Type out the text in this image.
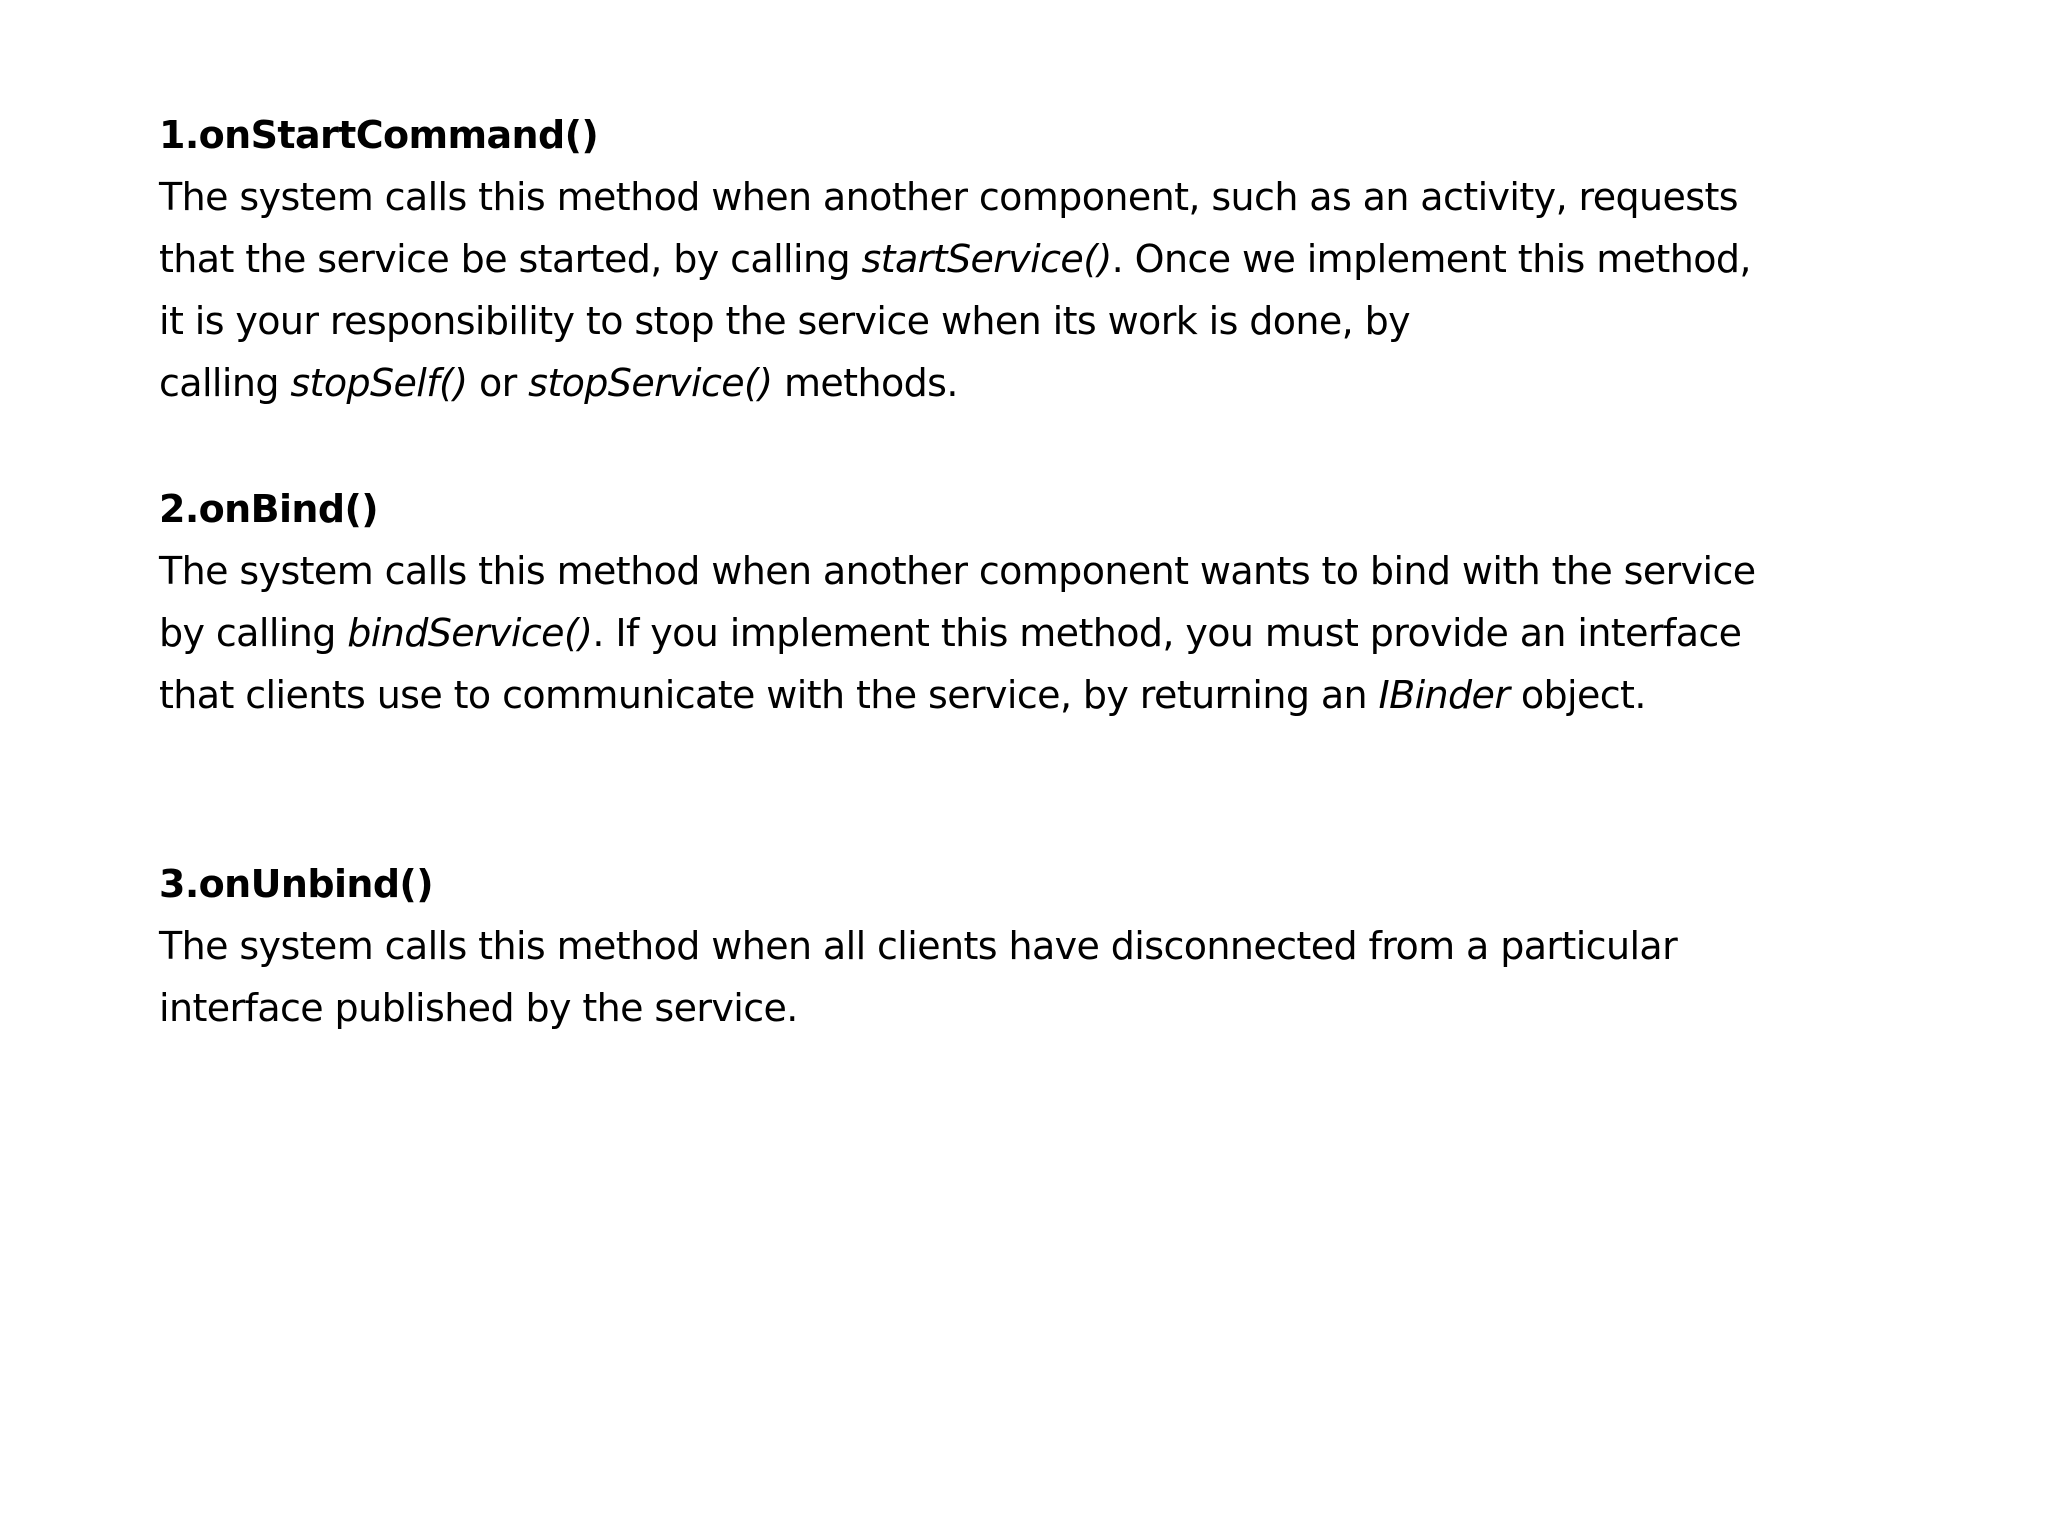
1.onStartCommand()
The system calls this method when another component, such as an activity, requests
that the service be started, by calling startService(). Once we implement this method,
it is your responsibility to stop the service when its work is done, by
calling stopSelf() or stopService() methods.
2.onBind()
The system calls this method when another component wants to bind with the service
by calling bindService(). If you implement this method, you must provide an interface
that clients use to communicate with the service, by returning an IBinder object.
3.onUnbind()
The system calls this method when all clients have disconnected from a particular
interface published by the service.
